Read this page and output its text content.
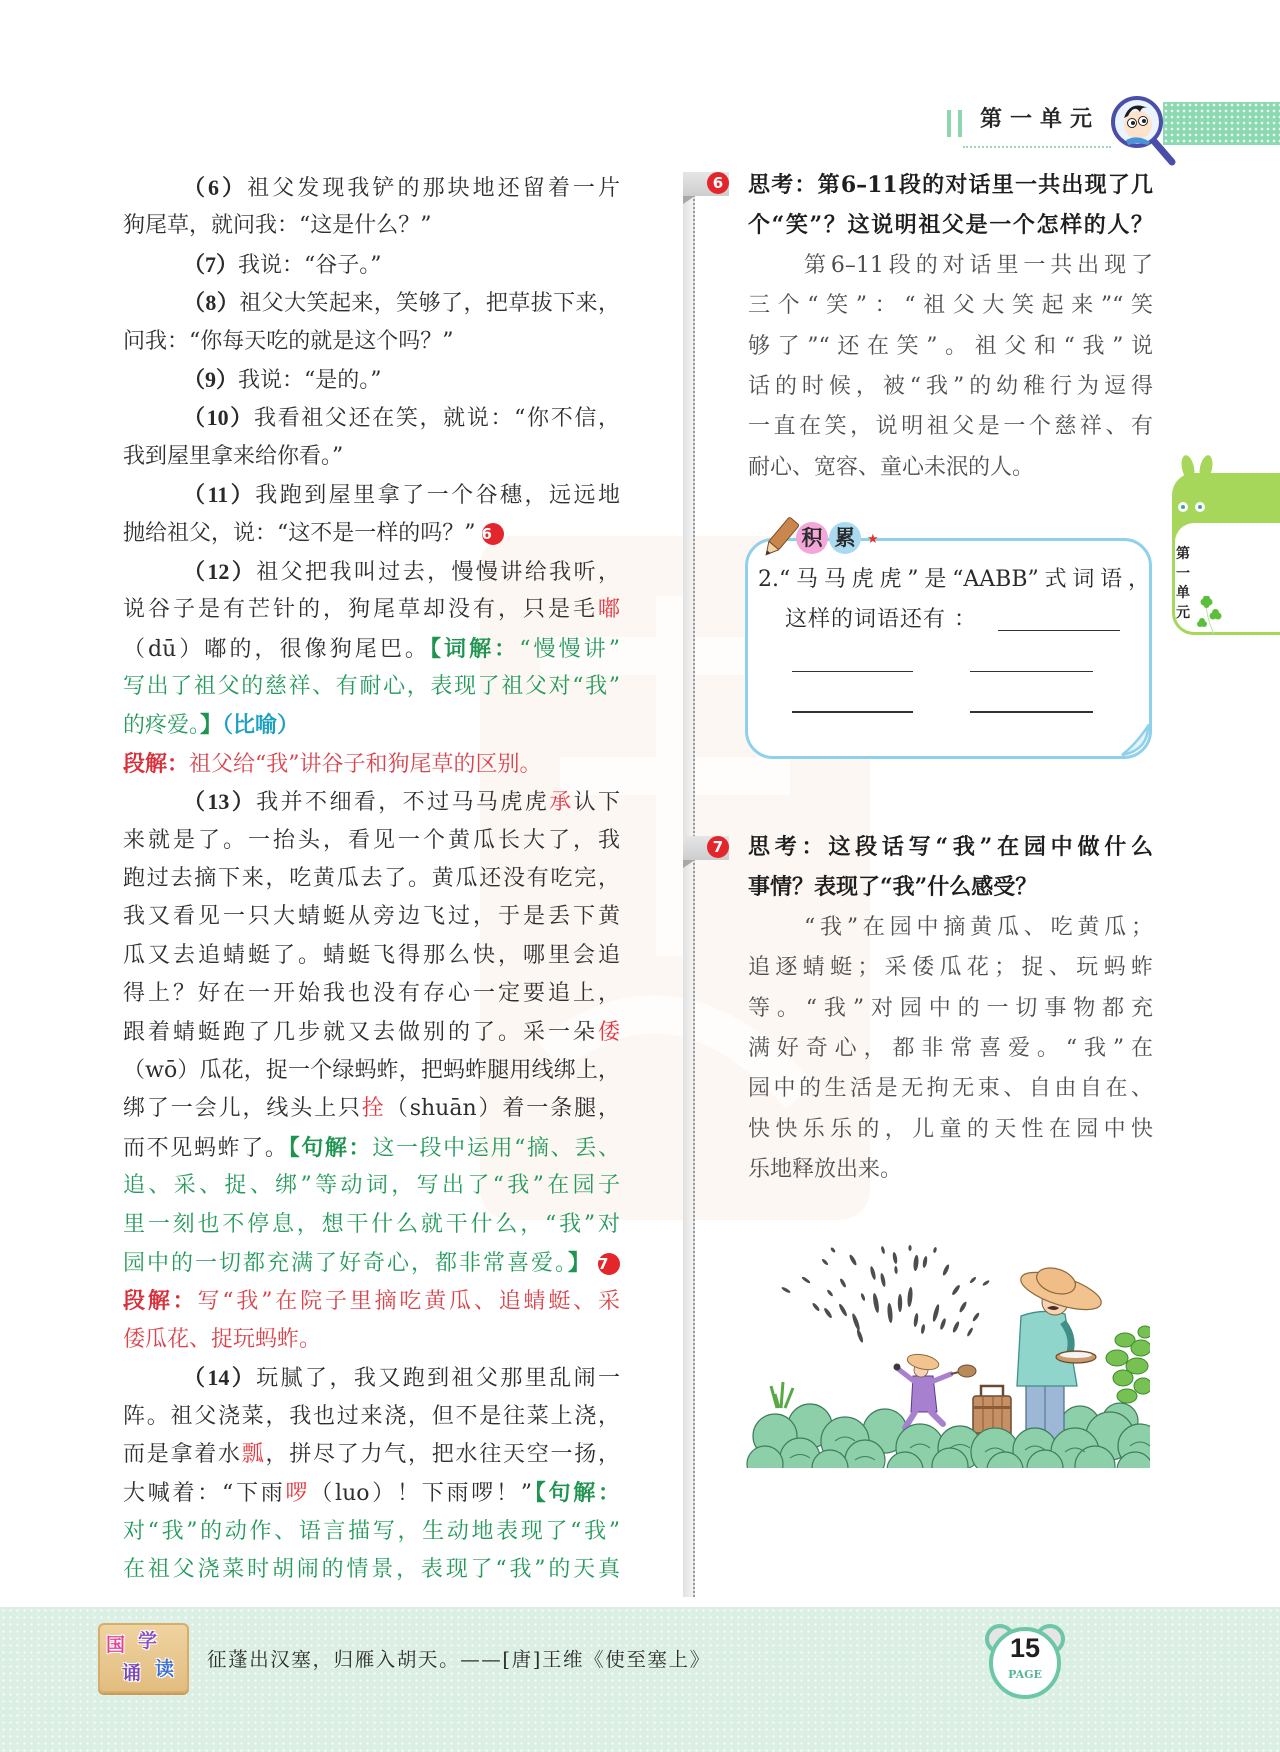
第一单元
第
一
单
元
（6）祖父发现我铲的那块地还留着一片
狗尾草，就问我：“这是什么？”
（7）我说：“谷子。”
（8）祖父大笑起来，笑够了，把草拔下来，
问我：“你每天吃的就是这个吗？”
（9）我说：“是的。”
（10）我看祖父还在笑，就说：“你不信，
我到屋里拿来给你看。”
（11）我跑到屋里拿了一个谷穗，远远地
抛给祖父，说：“这不是一样的吗？” 6
（12）祖父把我叫过去，慢慢讲给我听，
说谷子是有芒针的，狗尾草却没有，只是毛嘟
（dū）嘟的，很像狗尾巴。【词解：“慢慢讲”
写出了祖父的慈祥、有耐心，表现了祖父对“我”
的疼爱。】（比喻）
段解：祖父给“我”讲谷子和狗尾草的区别。
（13）我并不细看，不过马马虎虎承认下
来就是了。一抬头，看见一个黄瓜长大了，我
跑过去摘下来，吃黄瓜去了。黄瓜还没有吃完，
我又看见一只大蜻蜓从旁边飞过，于是丢下黄
瓜又去追蜻蜓了。蜻蜓飞得那么快，哪里会追
得上？好在一开始我也没有存心一定要追上，
跟着蜻蜓跑了几步就又去做别的了。采一朵倭
（wō）瓜花，捉一个绿蚂蚱，把蚂蚱腿用线绑上，
绑了一会儿，线头上只拴（shuān）着一条腿，
而不见蚂蚱了。【句解：这一段中运用“摘、丢、
追、采、捉、绑”等动词，写出了“我”在园子
里一刻也不停息，想干什么就干什么，“我”对
园中的一切都充满了好奇心，都非常喜爱。】 7
段解：写“我”在院子里摘吃黄瓜、追蜻蜓、采
倭瓜花、捉玩蚂蚱。
（14）玩腻了，我又跑到祖父那里乱闹一
阵。祖父浇菜，我也过来浇，但不是往菜上浇，
而是拿着水瓢，拼尽了力气，把水往天空一扬，
大喊着：“下雨啰（luo）！下雨啰！”【句解：
对“我”的动作、语言描写，生动地表现了“我”
在祖父浇菜时胡闹的情景，表现了“我”的天真
6
7
思考：第6–11段的对话里一共出现了几
个“笑”？这说明祖父是一个怎样的人？
第6–11段的对话里一共出现了
三个“笑”：“祖父大笑起来”“笑
够了”“还在笑”。祖父和“我”说
话的时候，被“我”的幼稚行为逗得
一直在笑，说明祖父是一个慈祥、有
耐心、宽容、童心未泯的人。
积 累 ★
2.“马马虎虎”是“AABB”式词语，
这样的词语还有 ：
思考：这段话写“我”在园中做什么
事情？表现了“我”什么感受？
“我”在园中摘黄瓜、吃黄瓜；
追逐蜻蜓；采倭瓜花；捉、玩蚂蚱
等。“我”对园中的一切事物都充
满好奇心，都非常喜爱。“我”在
园中的生活是无拘无束、自由自在、
快快乐乐的，儿童的天性在园中快
乐地释放出来。
国 学
诵 读 征蓬出汉塞，归雁入胡天。——[唐]王维《使至塞上》	15
PAGE
